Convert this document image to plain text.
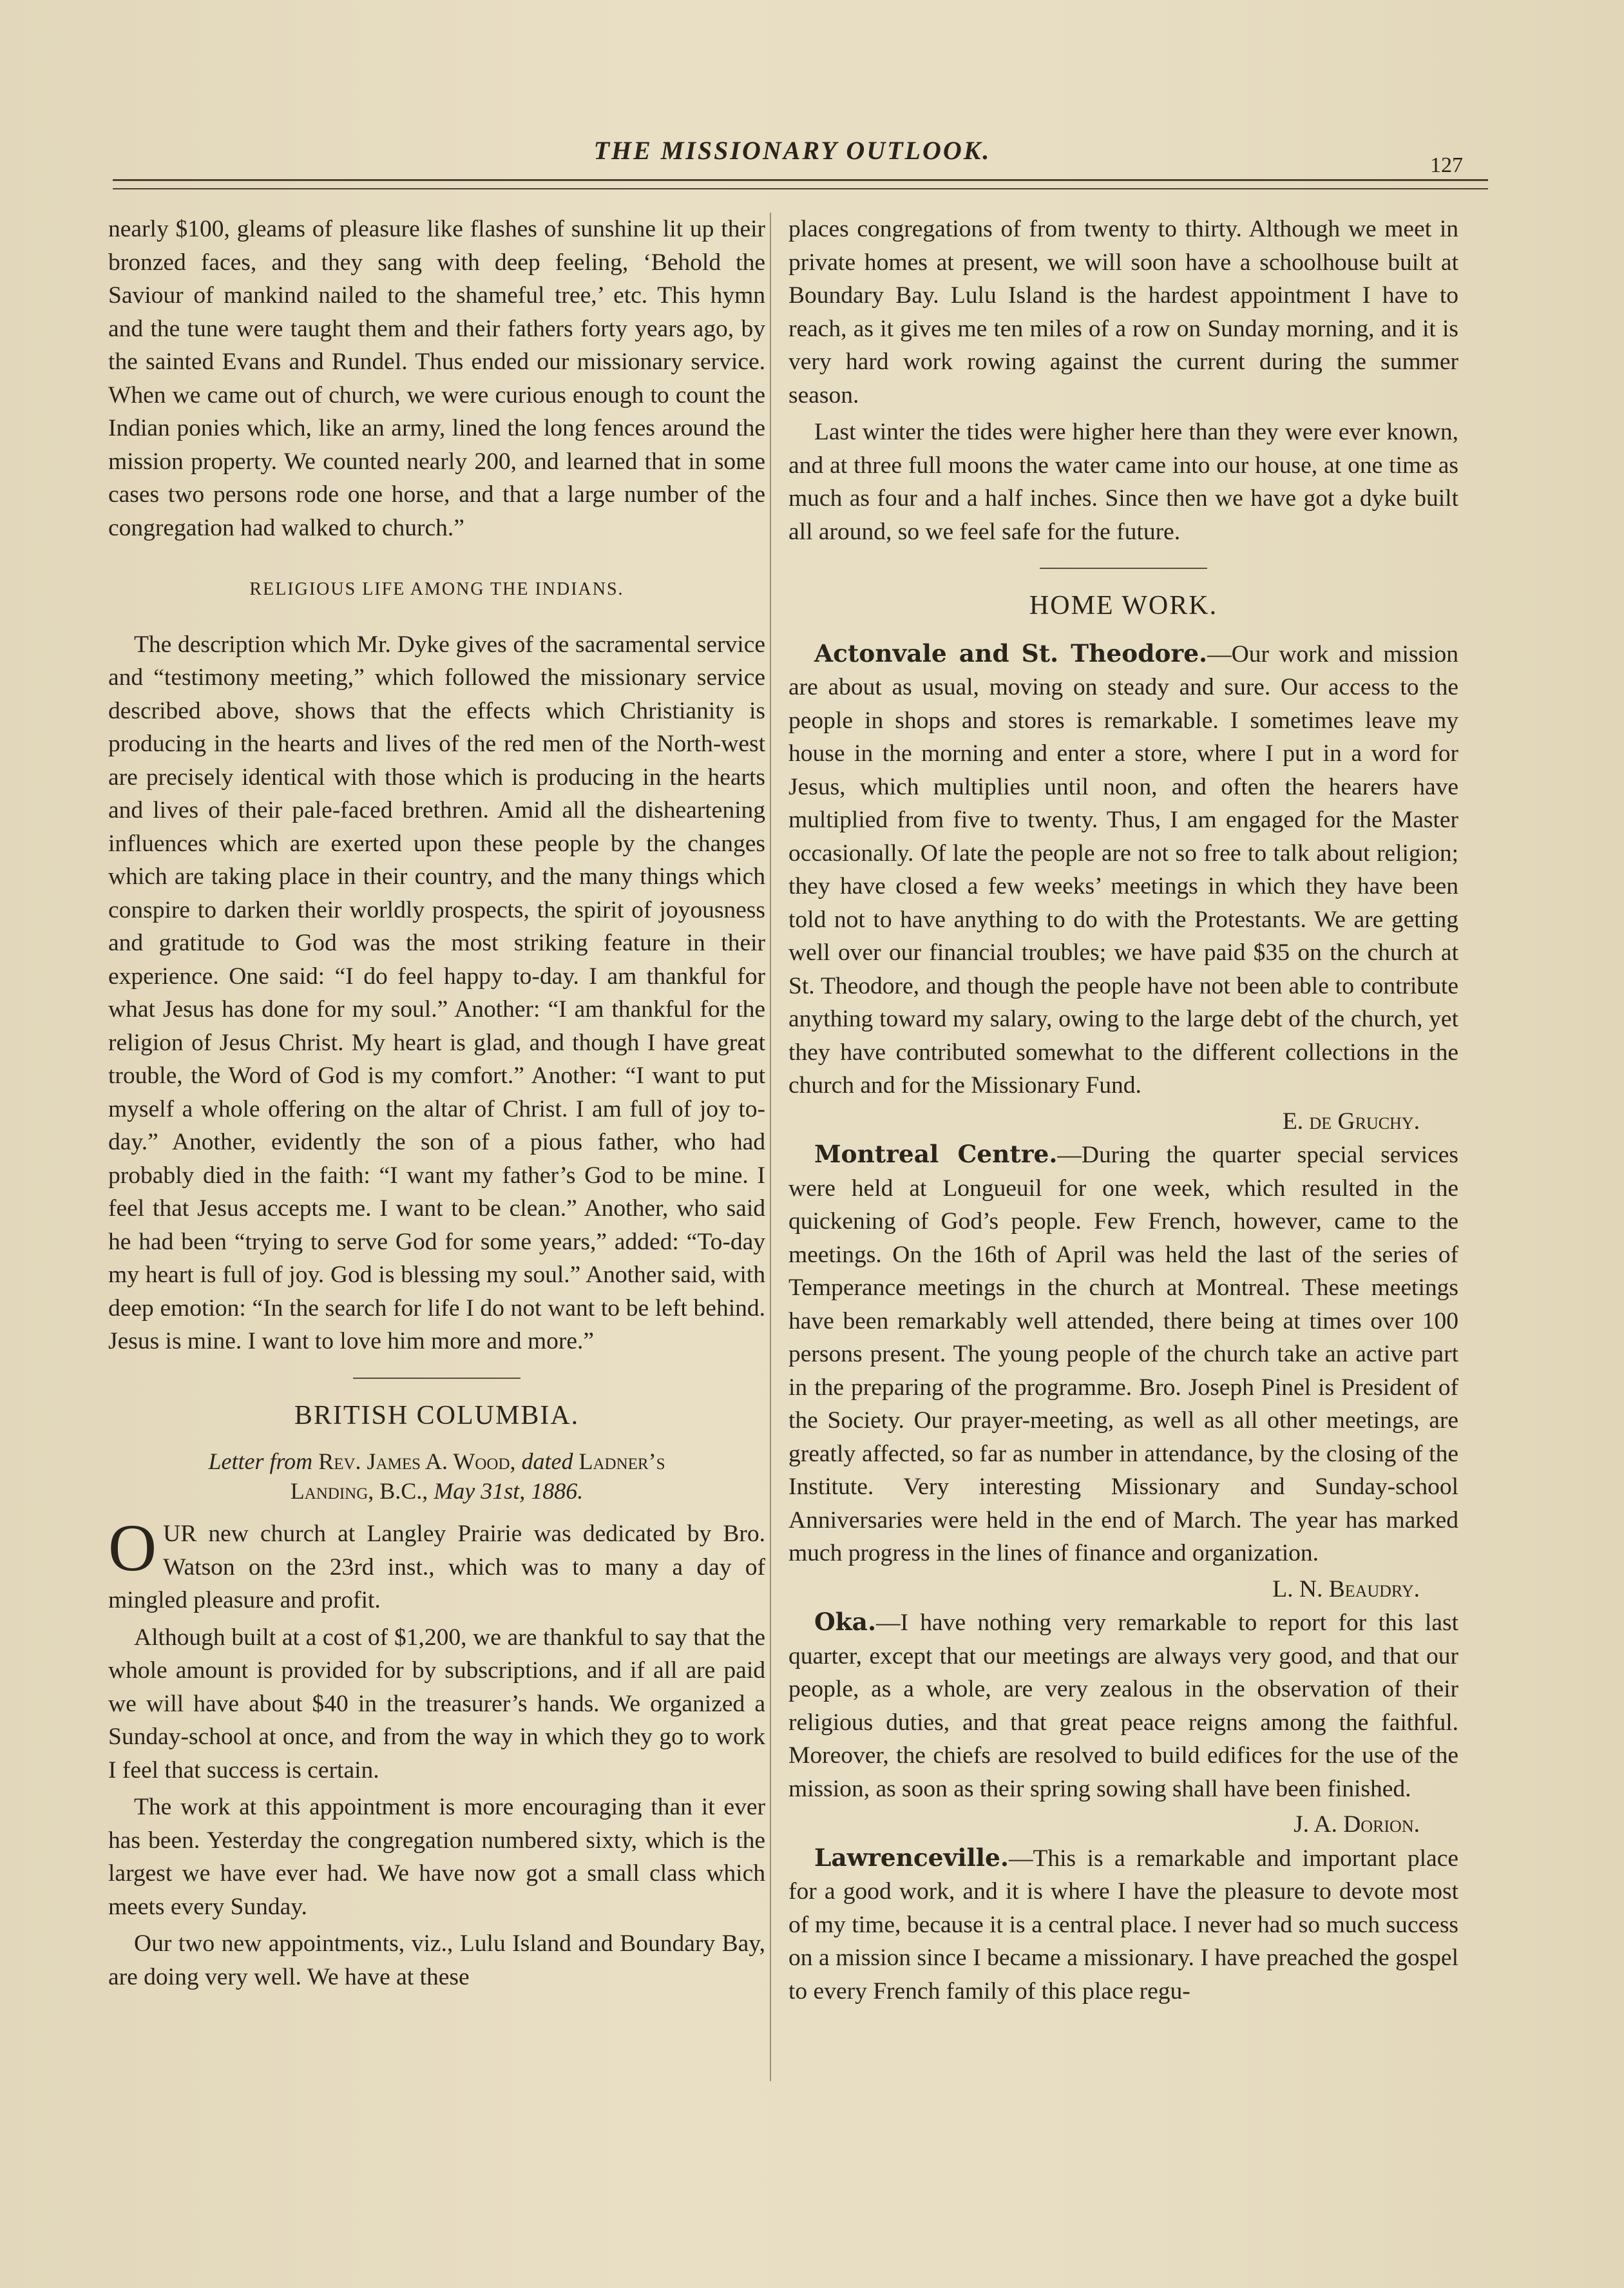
THE MISSIONARY OUTLOOK.
127

nearly $100, gleams of pleasure like flashes of sunshine lit up their bronzed faces, and they sang with deep feeling, ‘Behold the Saviour of mankind nailed to the shameful tree,’ etc. This hymn and the tune were taught them and their fathers forty years ago, by the sainted Evans and Rundel. Thus ended our missionary service. When we came out of church, we were curious enough to count the Indian ponies which, like an army, lined the long fences around the mission property. We counted nearly 200, and learned that in some cases two persons rode one horse, and that a large number of the congregation had walked to church.”

RELIGIOUS LIFE AMONG THE INDIANS.

The description which Mr. Dyke gives of the sacramental service and “testimony meeting,” which followed the missionary service described above, shows that the effects which Christianity is producing in the hearts and lives of the red men of the North-west are precisely identical with those which is producing in the hearts and lives of their pale-faced brethren. Amid all the disheartening influences which are exerted upon these people by the changes which are taking place in their country, and the many things which conspire to darken their worldly prospects, the spirit of joyousness and gratitude to God was the most striking feature in their experience. One said: “I do feel happy to-day. I am thankful for what Jesus has done for my soul.” Another: “I am thankful for the religion of Jesus Christ. My heart is glad, and though I have great trouble, the Word of God is my comfort.” Another: “I want to put myself a whole offering on the altar of Christ. I am full of joy to-day.” Another, evidently the son of a pious father, who had probably died in the faith: “I want my father’s God to be mine. I feel that Jesus accepts me. I want to be clean.” Another, who said he had been “trying to serve God for some years,” added: “To-day my heart is full of joy. God is blessing my soul.” Another said, with deep emotion: “In the search for life I do not want to be left behind. Jesus is mine. I want to love him more and more.”

BRITISH COLUMBIA.
Letter from Rev. James A. Wood, dated Ladner’s
Landing, B.C., May 31st, 1886.

OUR new church at Langley Prairie was dedicated by Bro. Watson on the 23rd inst., which was to many a day of mingled pleasure and profit.

Although built at a cost of $1,200, we are thankful to say that the whole amount is provided for by subscriptions, and if all are paid we will have about $40 in the treasurer’s hands. We organized a Sunday-school at once, and from the way in which they go to work I feel that success is certain.

The work at this appointment is more encouraging than it ever has been. Yesterday the congregation numbered sixty, which is the largest we have ever had. We have now got a small class which meets every Sunday.

Our two new appointments, viz., Lulu Island and Boundary Bay, are doing very well. We have at these

places congregations of from twenty to thirty. Although we meet in private homes at present, we will soon have a schoolhouse built at Boundary Bay. Lulu Island is the hardest appointment I have to reach, as it gives me ten miles of a row on Sunday morning, and it is very hard work rowing against the current during the summer season.

Last winter the tides were higher here than they were ever known, and at three full moons the water came into our house, at one time as much as four and a half inches. Since then we have got a dyke built all around, so we feel safe for the future.

HOME WORK.

Actonvale and St. Theodore.—Our work and mission are about as usual, moving on steady and sure. Our access to the people in shops and stores is remarkable. I sometimes leave my house in the morning and enter a store, where I put in a word for Jesus, which multiplies until noon, and often the hearers have multiplied from five to twenty. Thus, I am engaged for the Master occasionally. Of late the people are not so free to talk about religion; they have closed a few weeks’ meetings in which they have been told not to have anything to do with the Protestants. We are getting well over our financial troubles; we have paid $35 on the church at St. Theodore, and though the people have not been able to contribute anything toward my salary, owing to the large debt of the church, yet they have contributed somewhat to the different collections in the church and for the Missionary Fund.

E. de Gruchy.

Montreal Centre.—During the quarter special services were held at Longueuil for one week, which resulted in the quickening of God’s people. Few French, however, came to the meetings. On the 16th of April was held the last of the series of Temperance meetings in the church at Montreal. These meetings have been remarkably well attended, there being at times over 100 persons present. The young people of the church take an active part in the preparing of the programme. Bro. Joseph Pinel is President of the Society. Our prayer-meeting, as well as all other meetings, are greatly affected, so far as number in attendance, by the closing of the Institute. Very interesting Missionary and Sunday-school Anniversaries were held in the end of March. The year has marked much progress in the lines of finance and organization.

L. N. Beaudry.

Oka.—I have nothing very remarkable to report for this last quarter, except that our meetings are always very good, and that our people, as a whole, are very zealous in the observation of their religious duties, and that great peace reigns among the faithful. Moreover, the chiefs are resolved to build edifices for the use of the mission, as soon as their spring sowing shall have been finished.

J. A. Dorion.

Lawrenceville.—This is a remarkable and important place for a good work, and it is where I have the pleasure to devote most of my time, because it is a central place. I never had so much success on a mission since I became a missionary. I have preached the gospel to every French family of this place regu-
